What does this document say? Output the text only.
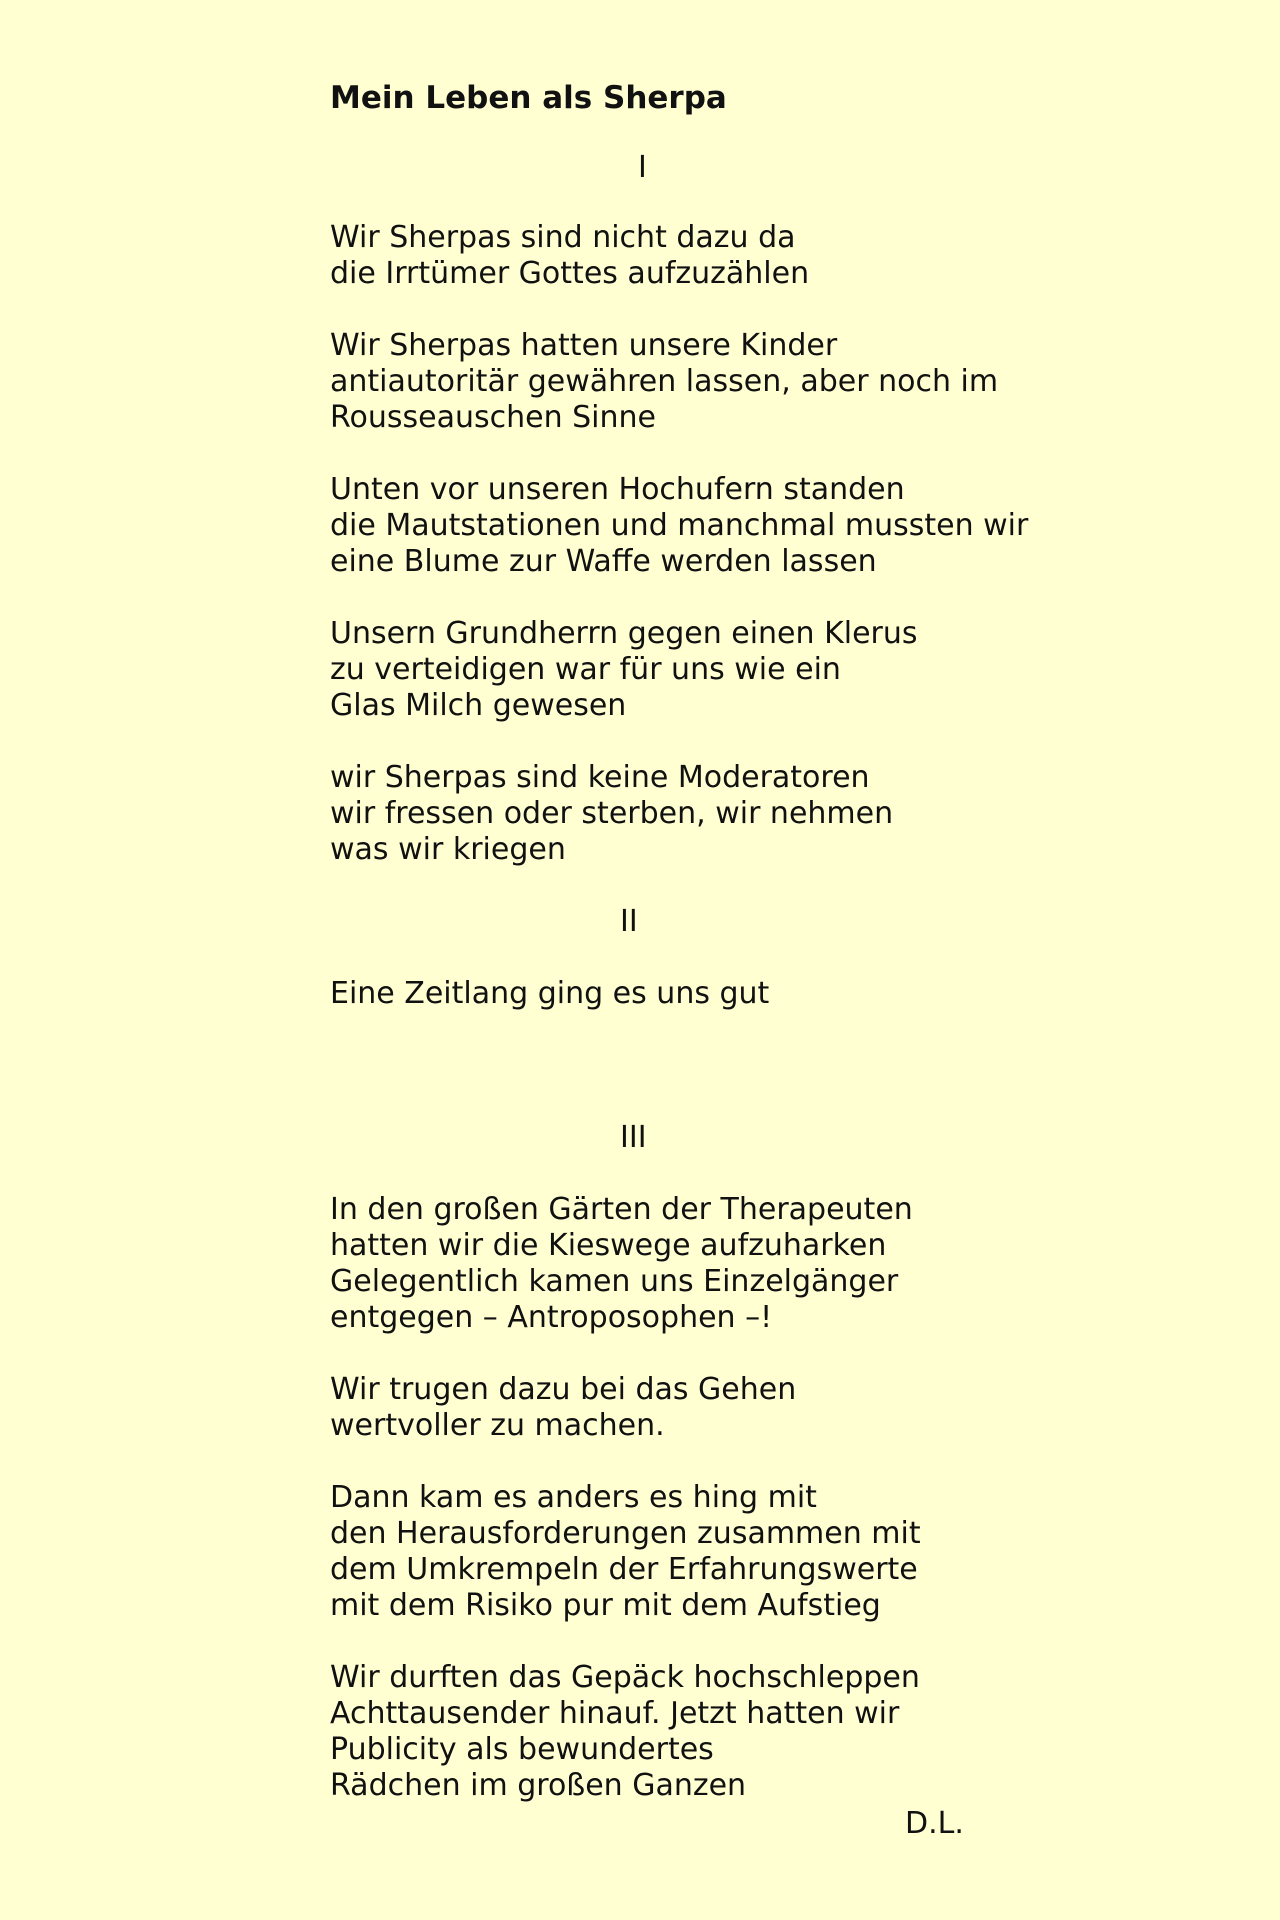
Mein Leben als Sherpa
I
Wir Sherpas sind nicht dazu da
die Irrtümer Gottes aufzuzählen
Wir Sherpas hatten unsere Kinder
antiautoritär gewähren lassen, aber noch im
Rousseauschen Sinne
Unten vor unseren Hochufern standen
die Mautstationen und manchmal mussten wir
eine Blume zur Waffe werden lassen
Unsern Grundherrn gegen einen Klerus
zu verteidigen war für uns wie ein
Glas Milch gewesen
wir Sherpas sind keine Moderatoren
wir fressen oder sterben, wir nehmen
was wir kriegen
II
Eine Zeitlang ging es uns gut
III
In den großen Gärten der Therapeuten
hatten wir die Kieswege aufzuharken
Gelegentlich kamen uns Einzelgänger
entgegen – Antroposophen –!
Wir trugen dazu bei das Gehen
wertvoller zu machen.
Dann kam es anders es hing mit
den Herausforderungen zusammen mit
dem Umkrempeln der Erfahrungswerte
mit dem Risiko pur mit dem Aufstieg
Wir durften das Gepäck hochschleppen
Achttausender hinauf. Jetzt hatten wir
Publicity als bewundertes
Rädchen im großen Ganzen
D.L.
